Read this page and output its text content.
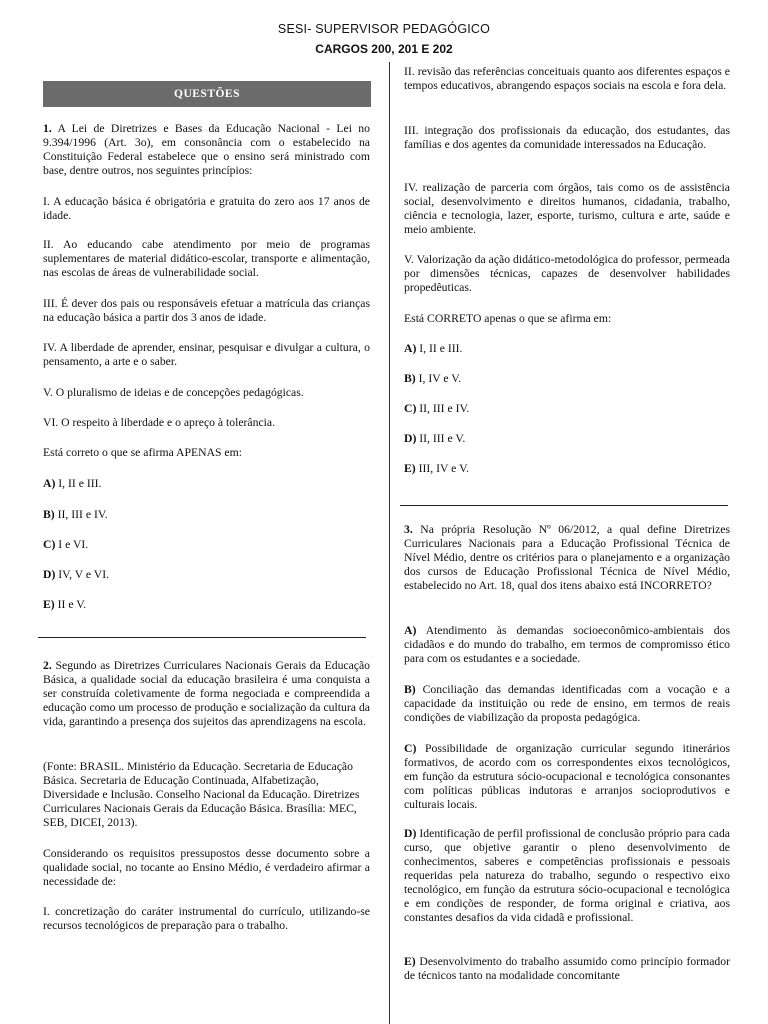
SESI- SUPERVISOR PEDAGÓGICO
CARGOS 200, 201 E 202
QUESTÕES

1. A Lei de Diretrizes e Bases da Educação Nacional - Lei no 9.394/1996 (Art. 3o), em consonância com o estabelecido na Constituição Federal estabelece que o ensino será ministrado com base, dentre outros, nos seguintes princípios:

I. A educação básica é obrigatória e gratuita do zero aos 17 anos de idade.

II. Ao educando cabe atendimento por meio de programas suplementares de material didático-escolar, transporte e alimentação, nas escolas de áreas de vulnerabilidade social.

III. É dever dos pais ou responsáveis efetuar a matrícula das crianças na educação básica a partir dos 3 anos de idade.

IV. A liberdade de aprender, ensinar, pesquisar e divulgar a cultura, o pensamento, a arte e o saber.

V. O pluralismo de ideias e de concepções pedagógicas.

VI. O respeito à liberdade e o apreço à tolerância.

Está correto o que se afirma APENAS em:

A) I, II e III.

B) II, III e IV.

C) I e VI.

D) IV, V e VI.

E) II e V.

2. Segundo as Diretrizes Curriculares Nacionais Gerais da Educação Básica, a qualidade social da educação brasileira é uma conquista a ser construída coletivamente de forma negociada e compreendida a educação como um processo de produção e socialização da cultura da vida, garantindo a presença dos sujeitos das aprendizagens na escola.

(Fonte: BRASIL. Ministério da Educação. Secretaria de Educação Básica. Secretaria de Educação Continuada, Alfabetização, Diversidade e Inclusão. Conselho Nacional da Educação. Diretrizes Curriculares Nacionais Gerais da Educação Básica. Brasília: MEC, SEB, DICEI, 2013).

Considerando os requisitos pressupostos desse documento sobre a qualidade social, no tocante ao Ensino Médio, é verdadeiro afirmar a necessidade de:

I. concretização do caráter instrumental do currículo, utilizando-se recursos tecnológicos de preparação para o trabalho.

II. revisão das referências conceituais quanto aos diferentes espaços e tempos educativos, abrangendo espaços sociais na escola e fora dela.

III. integração dos profissionais da educação, dos estudantes, das famílias e dos agentes da comunidade interessados na Educação.

IV. realização de parceria com órgãos, tais como os de assistência social, desenvolvimento e direitos humanos, cidadania, trabalho, ciência e tecnologia, lazer, esporte, turismo, cultura e arte, saúde e meio ambiente.

V. Valorização da ação didático-metodológica do professor, permeada por dimensões técnicas, capazes de desenvolver habilidades propedêuticas.

Está CORRETO apenas o que se afirma em:

A) I, II e III.

B) I, IV e V.

C) II, III e IV.

D) II, III e V.

E) III, IV e V.

3. Na própria Resolução Nº 06/2012, a qual define Diretrizes Curriculares Nacionais para a Educação Profissional Técnica de Nível Médio, dentre os critérios para o planejamento e a organização dos cursos de Educação Profissional Técnica de Nível Médio, estabelecido no Art. 18, qual dos itens abaixo está INCORRETO?

A) Atendimento às demandas socioeconômico-ambientais dos cidadãos e do mundo do trabalho, em termos de compromisso ético para com os estudantes e a sociedade.

B) Conciliação das demandas identificadas com a vocação e a capacidade da instituição ou rede de ensino, em termos de reais condições de viabilização da proposta pedagógica.

C) Possibilidade de organização curricular segundo itinerários formativos, de acordo com os correspondentes eixos tecnológicos, em função da estrutura sócio-ocupacional e tecnológica consonantes com políticas públicas indutoras e arranjos socioprodutivos e culturais locais.

D) Identificação de perfil profissional de conclusão próprio para cada curso, que objetive garantir o pleno desenvolvimento de conhecimentos, saberes e competências profissionais e pessoais requeridas pela natureza do trabalho, segundo o respectivo eixo tecnológico, em função da estrutura sócio-ocupacional e tecnológica e em condições de responder, de forma original e criativa, aos constantes desafios da vida cidadã e profissional.

E) Desenvolvimento do trabalho assumido como princípio formador de técnicos tanto na modalidade concomitante
